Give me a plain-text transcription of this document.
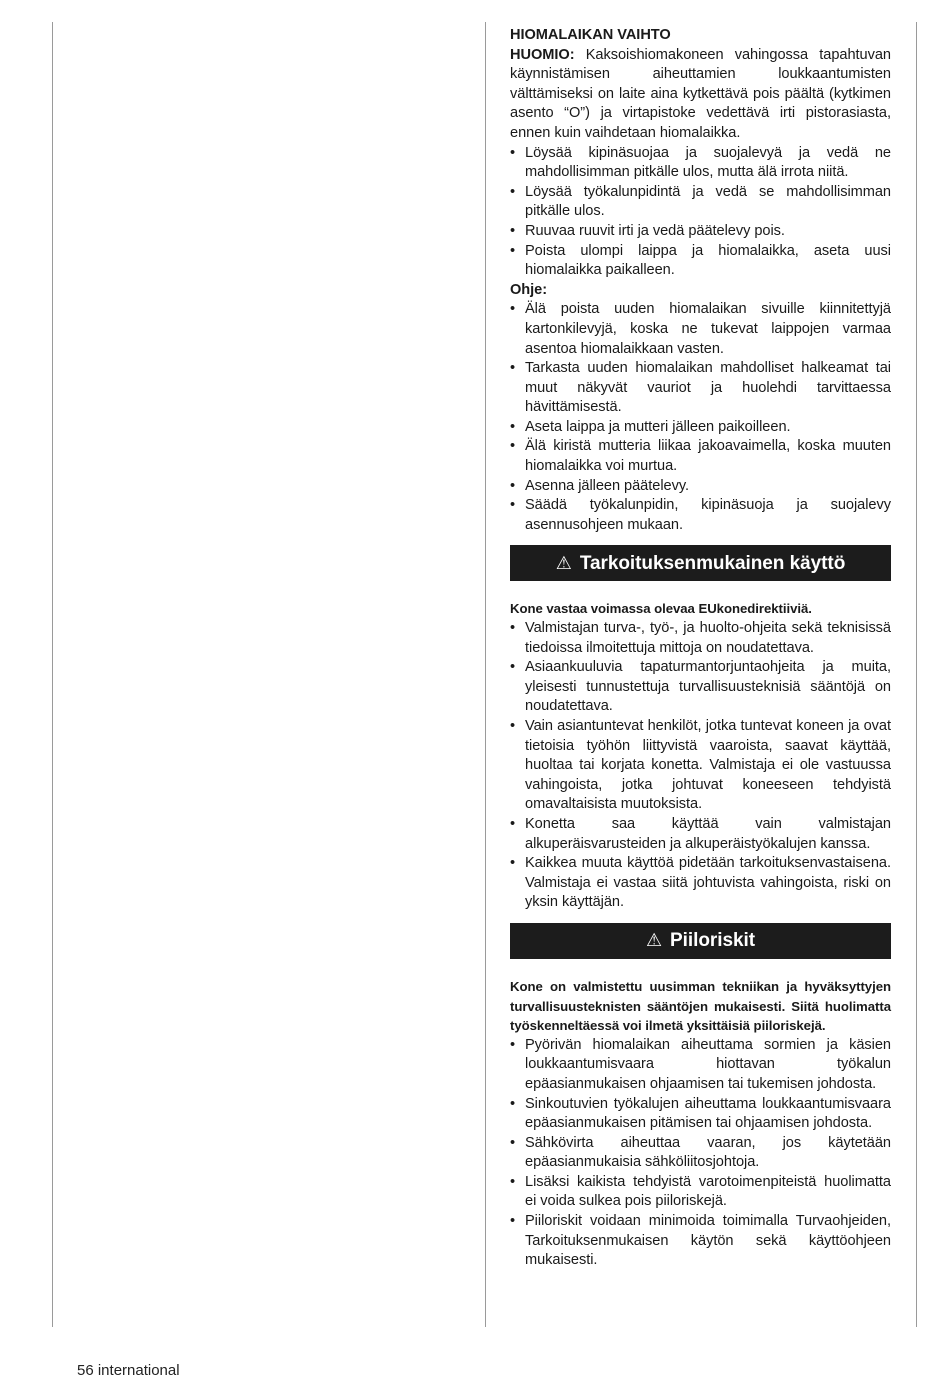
HIOMALAIKAN VAIHTO

HUOMIO: Kaksoishiomakoneen vahingossa tapahtuvan käynnistämisen aiheuttamien loukkaantumisten välttämiseksi on laite aina kytkettävä pois päältä (kytkimen asento “O”) ja virtapistoke vedettävä irti pistorasiasta, ennen kuin vaihdetaan hiomalaikka.

• Löysää kipinäsuojaa ja suojalevyä ja vedä ne mahdollisimman pitkälle ulos, mutta älä irrota niitä.
• Löysää työkalunpidintä ja vedä se mahdollisimman pitkälle ulos.
• Ruuvaa ruuvit irti ja vedä päätelevy pois.
• Poista ulompi laippa ja hiomalaikka, aseta uusi hiomalaikka paikalleen.
Ohje:
• Älä poista uuden hiomalaikan sivuille kiinnitettyjä kartonkilevyjä, koska ne tukevat laippojen varmaa asentoa hiomalaikkaan vasten.
• Tarkasta uuden hiomalaikan mahdolliset halkeamat tai muut näkyvät vauriot ja huolehdi tarvittaessa hävittämisestä.
• Aseta laippa ja mutteri jälleen paikoilleen.
• Älä kiristä mutteria liikaa jakoavaimella, koska muuten hiomalaikka voi murtua.
• Asenna jälleen päätelevy.
• Säädä työkalunpidin, kipinäsuoja ja suojalevy asennusohjeen mukaan.
⚠ Tarkoituksenmukainen käyttö

Kone vastaa voimassa olevaa EUkonedirektiiviä.

• Valmistajan turva-, työ-, ja huolto-ohjeita sekä teknisissä tiedoissa ilmoitettuja mittoja on noudatettava.
• Asiaankuuluvia tapaturmantorjuntaohjeita ja muita, yleisesti tunnustettuja turvallisuusteknisiä sääntöjä on noudatettava.
• Vain asiantuntevat henkilöt, jotka tuntevat koneen ja ovat tietoisia työhön liittyvistä vaaroista, saavat käyttää, huoltaa tai korjata konetta. Valmistaja ei ole vastuussa vahingoista, jotka johtuvat koneeseen tehdyistä omavaltaisista muutoksista.
• Konetta saa käyttää vain valmistajan alkuperäisvarusteiden ja alkuperäistyökalujen kanssa.
• Kaikkea muuta käyttöä pidetään tarkoituksenvastaisena. Valmistaja ei vastaa siitä johtuvista vahingoista, riski on yksin käyttäjän.
⚠ Piiloriskit

Kone on valmistettu uusimman tekniikan ja hyväksyttyjen turvallisuusteknisten sääntöjen mukaisesti. Siitä huolimatta työskenneltäessä voi ilmetä yksittäisiä piiloriskejä.

• Pyörivän hiomalaikan aiheuttama sormien ja käsien loukkaantumisvaara hiottavan työkalun epäasianmukaisen ohjaamisen tai tukemisen johdosta.
• Sinkoutuvien työkalujen aiheuttama loukkaantumisvaara epäasianmukaisen pitämisen tai ohjaamisen johdosta.
• Sähkövirta aiheuttaa vaaran, jos käytetään epäasianmukaisia sähköliitosjohtoja.
• Lisäksi kaikista tehdyistä varotoimenpiteistä huolimatta ei voida sulkea pois piiloriskejä.
• Piiloriskit voidaan minimoida toimimalla Turvaohjeiden, Tarkoituksenmukaisen käytön sekä käyttöohjeen mukaisesti.
56 international
